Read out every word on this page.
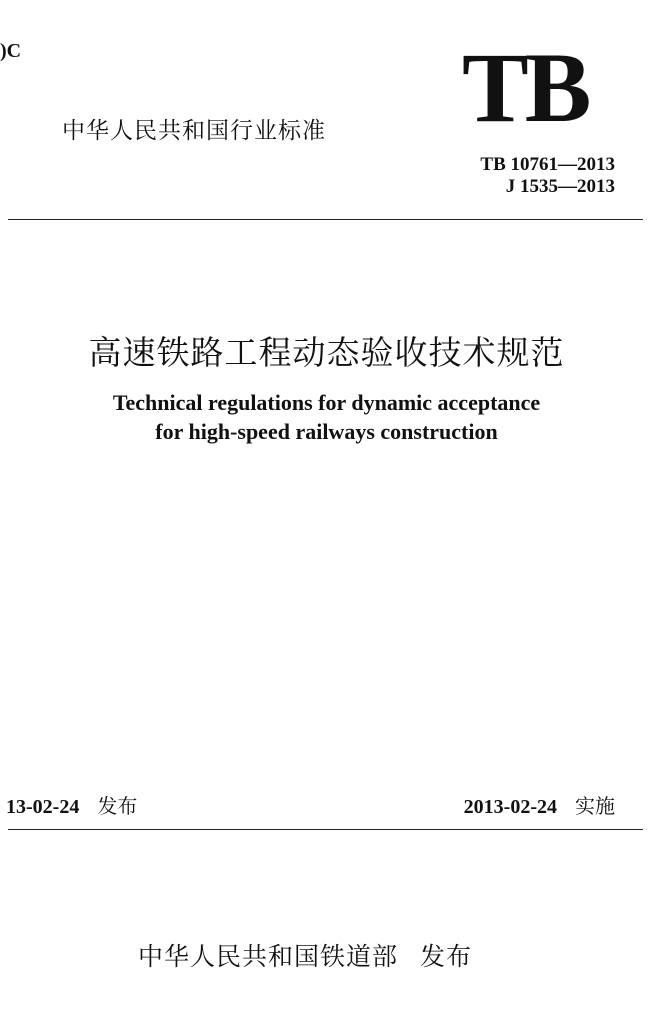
)C	TB
中华人民共和国行业标准
TB 10761—2013
J 1535—2013
高速铁路工程动态验收技术规范
Technical regulations for dynamic acceptance
for high-speed railways construction
13-02-24 发布	2013-02-24 实施
中华人民共和国铁道部 发布
